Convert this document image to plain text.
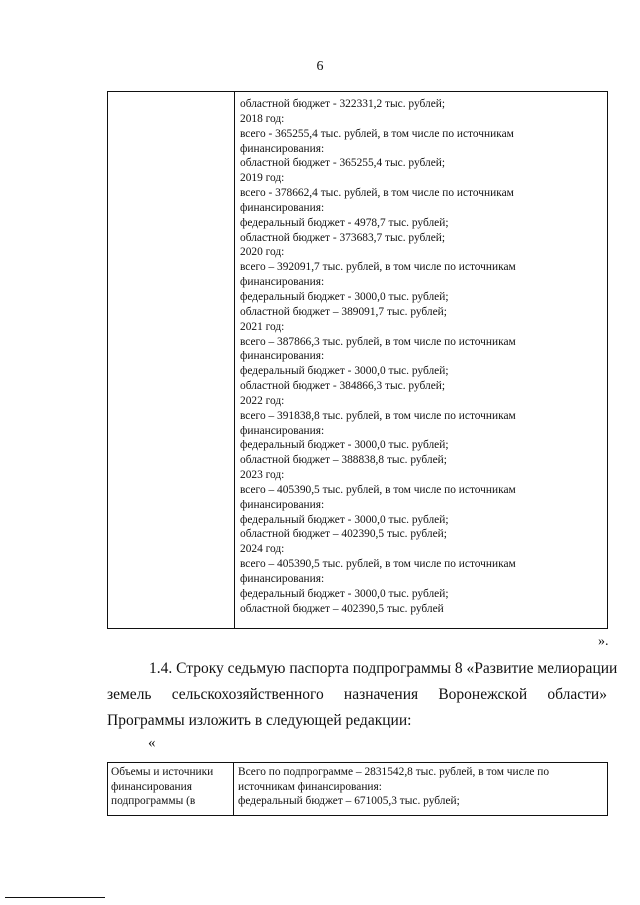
6
областной бюджет - 322331,2 тыс. рублей;
2018 год:
всего - 365255,4 тыс. рублей, в том числе по источникам
финансирования:
областной бюджет - 365255,4 тыс. рублей;
2019 год:
всего - 378662,4 тыс. рублей, в том числе по источникам
финансирования:
федеральный бюджет - 4978,7 тыс. рублей;
областной бюджет - 373683,7 тыс. рублей;
2020 год:
всего – 392091,7 тыс. рублей, в том числе по источникам
финансирования:
федеральный бюджет - 3000,0 тыс. рублей;
областной бюджет – 389091,7 тыс. рублей;
2021 год:
всего – 387866,3 тыс. рублей, в том числе по источникам
финансирования:
федеральный бюджет - 3000,0 тыс. рублей;
областной бюджет - 384866,3 тыс. рублей;
2022 год:
всего – 391838,8 тыс. рублей, в том числе по источникам
финансирования:
федеральный бюджет - 3000,0 тыс. рублей;
областной бюджет – 388838,8 тыс. рублей;
2023 год:
всего – 405390,5 тыс. рублей, в том числе по источникам
финансирования:
федеральный бюджет - 3000,0 тыс. рублей;
областной бюджет – 402390,5 тыс. рублей;
2024 год:
всего – 405390,5 тыс. рублей, в том числе по источникам
финансирования:
федеральный бюджет - 3000,0 тыс. рублей;
областной бюджет – 402390,5 тыс. рублей
».
1.4. Строку седьмую паспорта подпрограммы 8 «Развитие мелиорации
земель сельскохозяйственного назначения Воронежской области»
Программы изложить в следующей редакции:
«
Объемы и источники
финансирования
подпрограммы (в
Всего по подпрограмме – 2831542,8 тыс. рублей, в том числе по
источникам финансирования:
федеральный бюджет – 671005,3 тыс. рублей;
